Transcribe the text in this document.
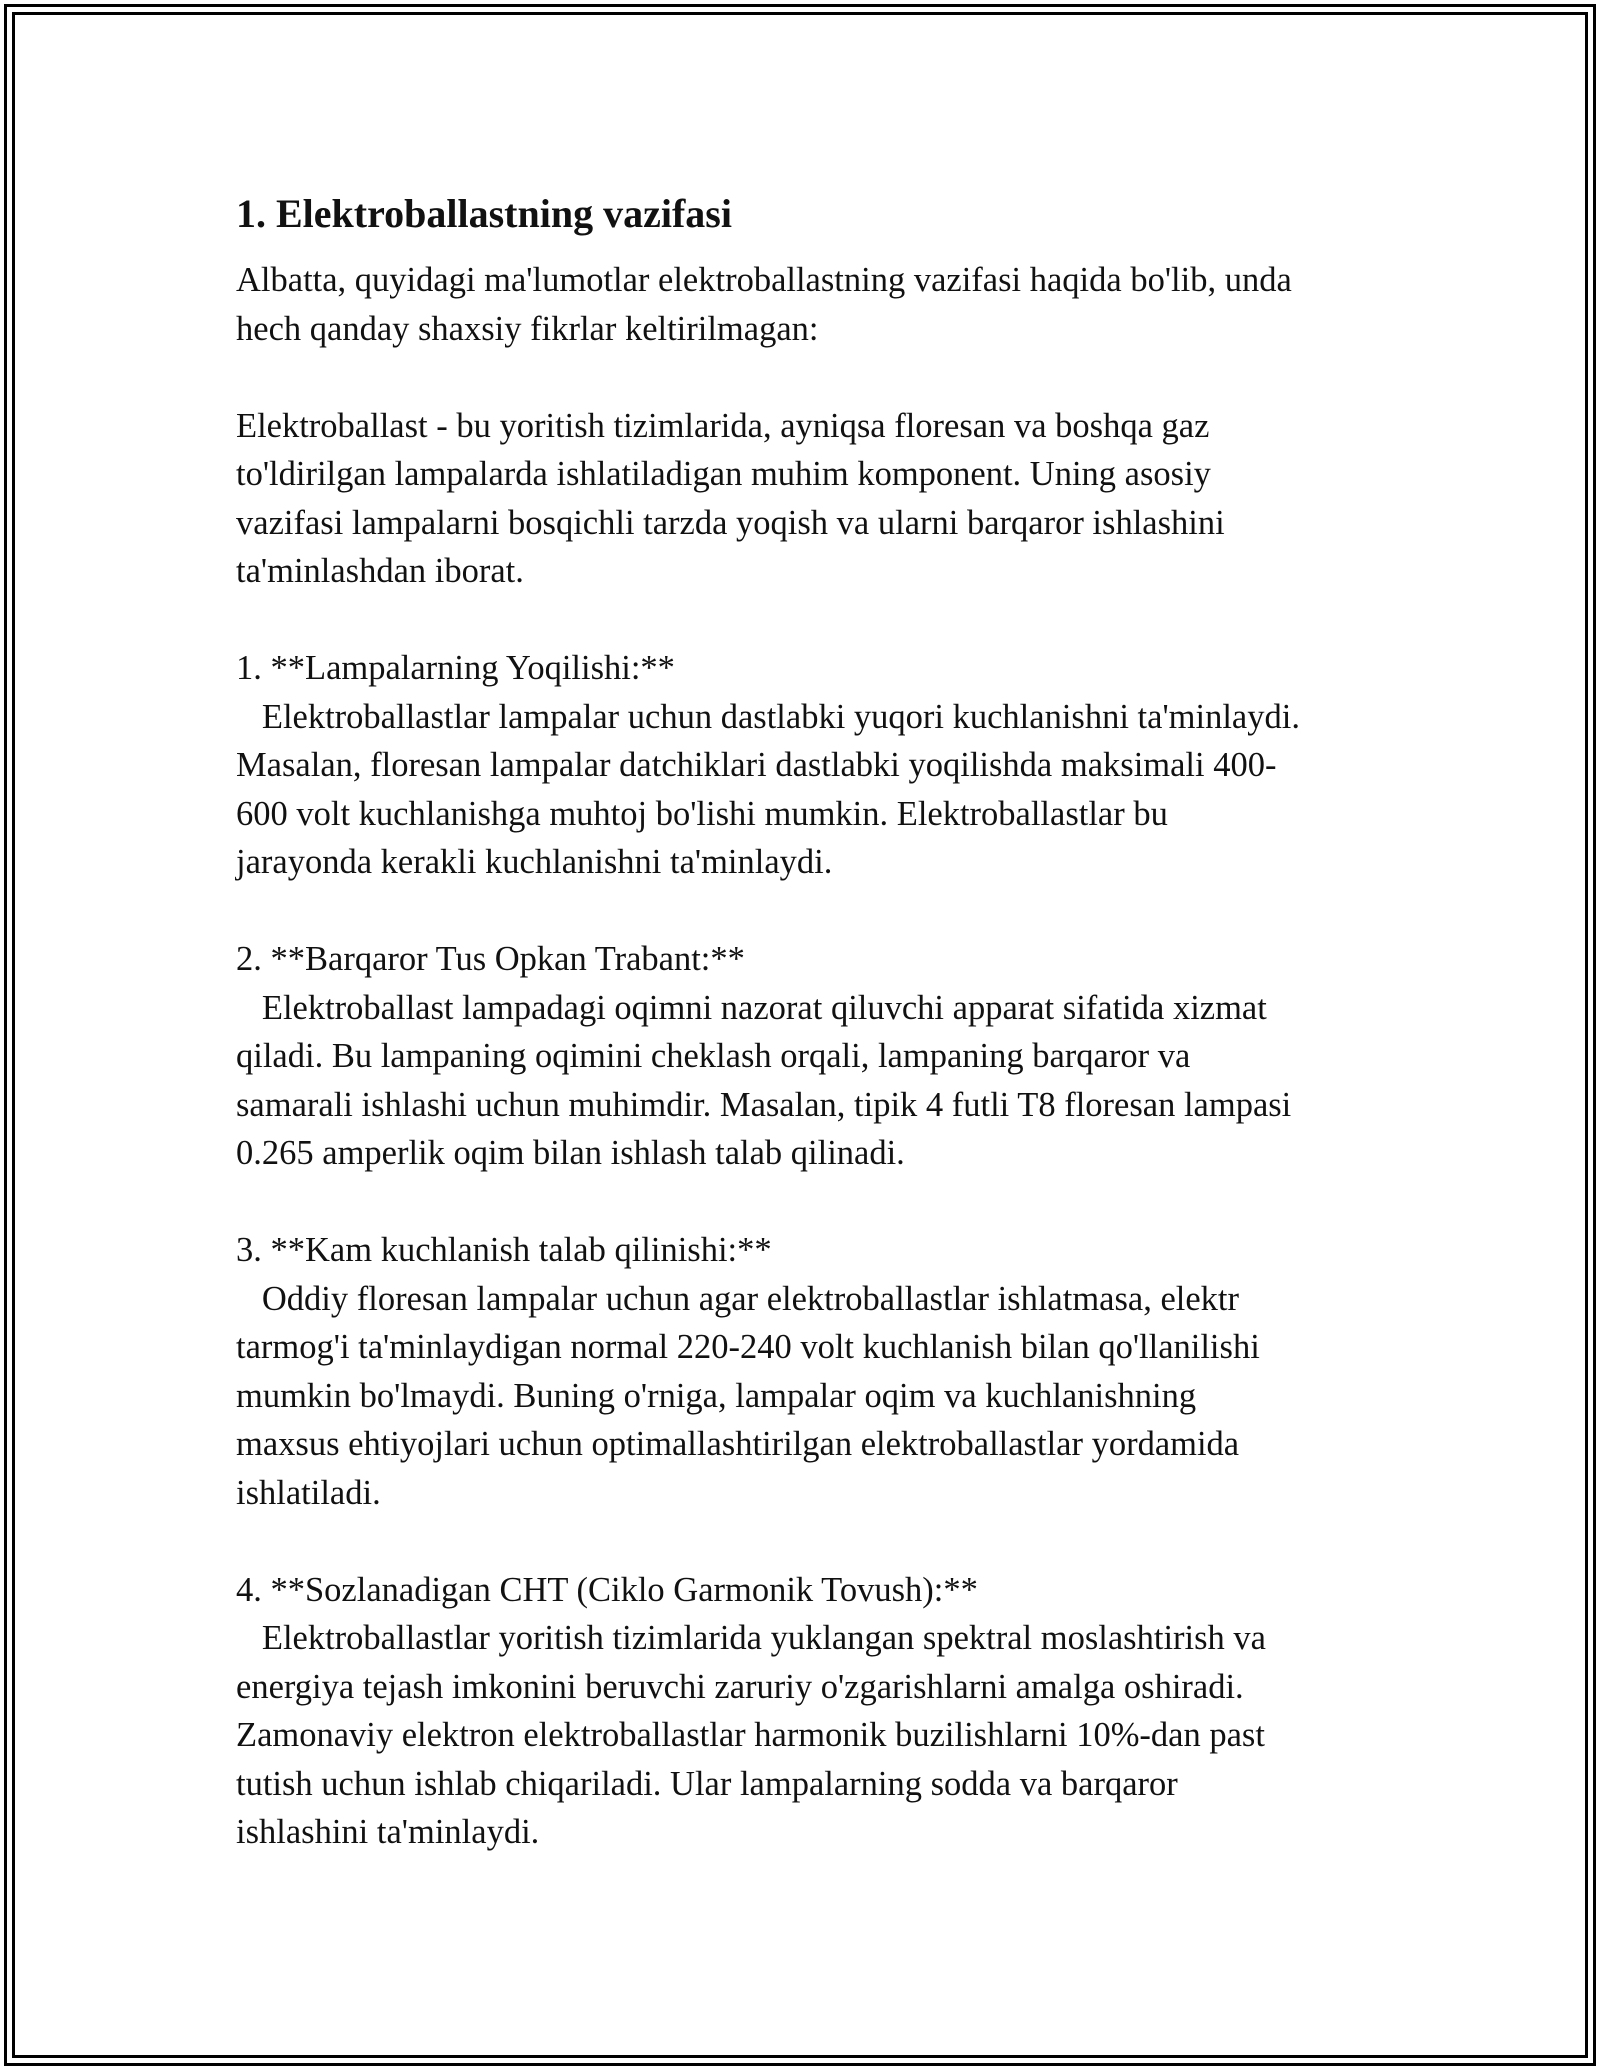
1. Elektroballastning vazifasi

Albatta, quyidagi ma'lumotlar elektroballastning vazifasi haqida bo'lib, unda
hech qanday shaxsiy fikrlar keltirilmagan:

Elektroballast - bu yoritish tizimlarida, ayniqsa floresan va boshqa gaz
to'ldirilgan lampalarda ishlatiladigan muhim komponent. Uning asosiy
vazifasi lampalarni bosqichli tarzda yoqish va ularni barqaror ishlashini
ta'minlashdan iborat.

1. **Lampalarning Yoqilishi:**

Elektroballastlar lampalar uchun dastlabki yuqori kuchlanishni ta'minlaydi.
Masalan, floresan lampalar datchiklari dastlabki yoqilishda maksimali 400-
600 volt kuchlanishga muhtoj bo'lishi mumkin. Elektroballastlar bu
jarayonda kerakli kuchlanishni ta'minlaydi.

2. **Barqaror Tus Opkan Trabant:**

Elektroballast lampadagi oqimni nazorat qiluvchi apparat sifatida xizmat
qiladi. Bu lampaning oqimini cheklash orqali, lampaning barqaror va
samarali ishlashi uchun muhimdir. Masalan, tipik 4 futli T8 floresan lampasi
0.265 amperlik oqim bilan ishlash talab qilinadi.

3. **Kam kuchlanish talab qilinishi:**

Oddiy floresan lampalar uchun agar elektroballastlar ishlatmasa, elektr
tarmog'i ta'minlaydigan normal 220-240 volt kuchlanish bilan qo'llanilishi
mumkin bo'lmaydi. Buning o'rniga, lampalar oqim va kuchlanishning
maxsus ehtiyojlari uchun optimallashtirilgan elektroballastlar yordamida
ishlatiladi.

4. **Sozlanadigan CHT (Ciklo Garmonik Tovush):**

Elektroballastlar yoritish tizimlarida yuklangan spektral moslashtirish va
energiya tejash imkonini beruvchi zaruriy o'zgarishlarni amalga oshiradi.
Zamonaviy elektron elektroballastlar harmonik buzilishlarni 10%-dan past
tutish uchun ishlab chiqariladi. Ular lampalarning sodda va barqaror
ishlashini ta'minlaydi.
